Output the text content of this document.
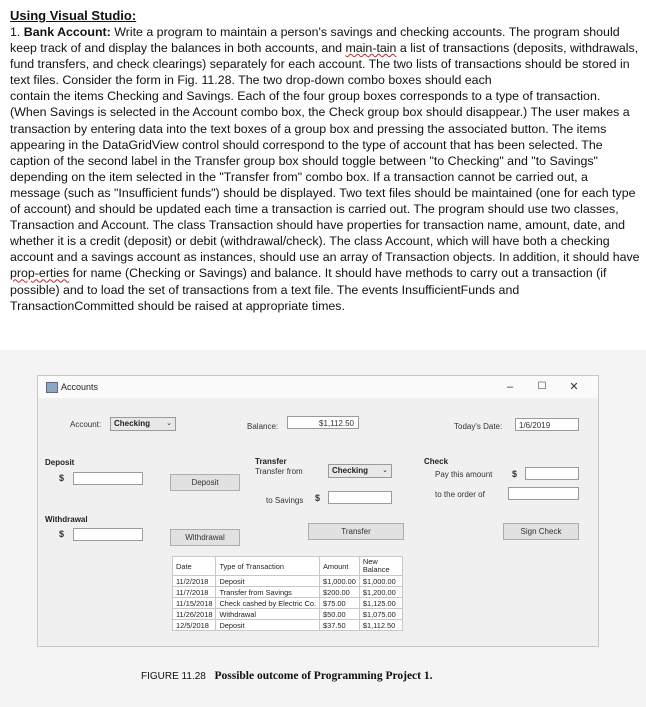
Using Visual Studio:

1. Bank Account: Write a program to maintain a person's savings and checking accounts. The program should keep track of and display the balances in both accounts, and main-tain a list of transactions (deposits, withdrawals, fund transfers, and check clearings) separately for each account. The two lists of transactions should be stored in text files. Consider the form in Fig. 11.28. The two drop-down combo boxes should each

contain the items Checking and Savings. Each of the four group boxes corresponds to a type of transaction. (When Savings is selected in the Account combo box, the Check group box should disappear.) The user makes a transaction by entering data into the text boxes of a group box and pressing the associated button. The items appearing in the DataGridView control should correspond to the type of account that has been selected. The caption of the second label in the Transfer group box should toggle between "to Checking" and "to Savings" depending on the item selected in the "Transfer from" combo box. If a transaction cannot be carried out, a message (such as "Insufficient funds") should be displayed. Two text files should be maintained (one for each type of account) and should be updated each time a transaction is carried out. The program should use two classes, Transaction and Account. The class Transaction should have properties for transaction name, amount, date, and whether it is a credit (deposit) or debit (withdrawal/check). The class Account, which will have both a checking account and a savings account as instances, should use an array of Transaction objects. In addition, it should have prop-erties for name (Checking or Savings) and balance. It should have methods to carry out a transaction (if possible) and to load the set of transactions from a text file. The events InsufficientFunds and TransactionCommitted should be raised at appropriate times.

Accounts	–	☐	✕
Account:	Checking ⌄	Balance:	$1,112.50	Today's Date:	1/6/2019
Deposit
$	Deposit
Withdrawal
$	Withdrawal
Transfer
Transfer from	Checking ⌄
to Savings $
Transfer
Check
Pay this amount $
to the order of
Sign Check
Date	Type of Transaction	Amount	New Balance
11/2/2018	Deposit	$1,000.00	$1,000.00
11/7/2018	Transfer from Savings	$200.00	$1,200.00
11/15/2018	Check cashed by Electric Co.	$75.00	$1,125.00
11/26/2018	Withdrawal	$50.00	$1,075.00
12/5/2018	Deposit	$37.50	$1,112.50
FIGURE 11.28 Possible outcome of Programming Project 1.
